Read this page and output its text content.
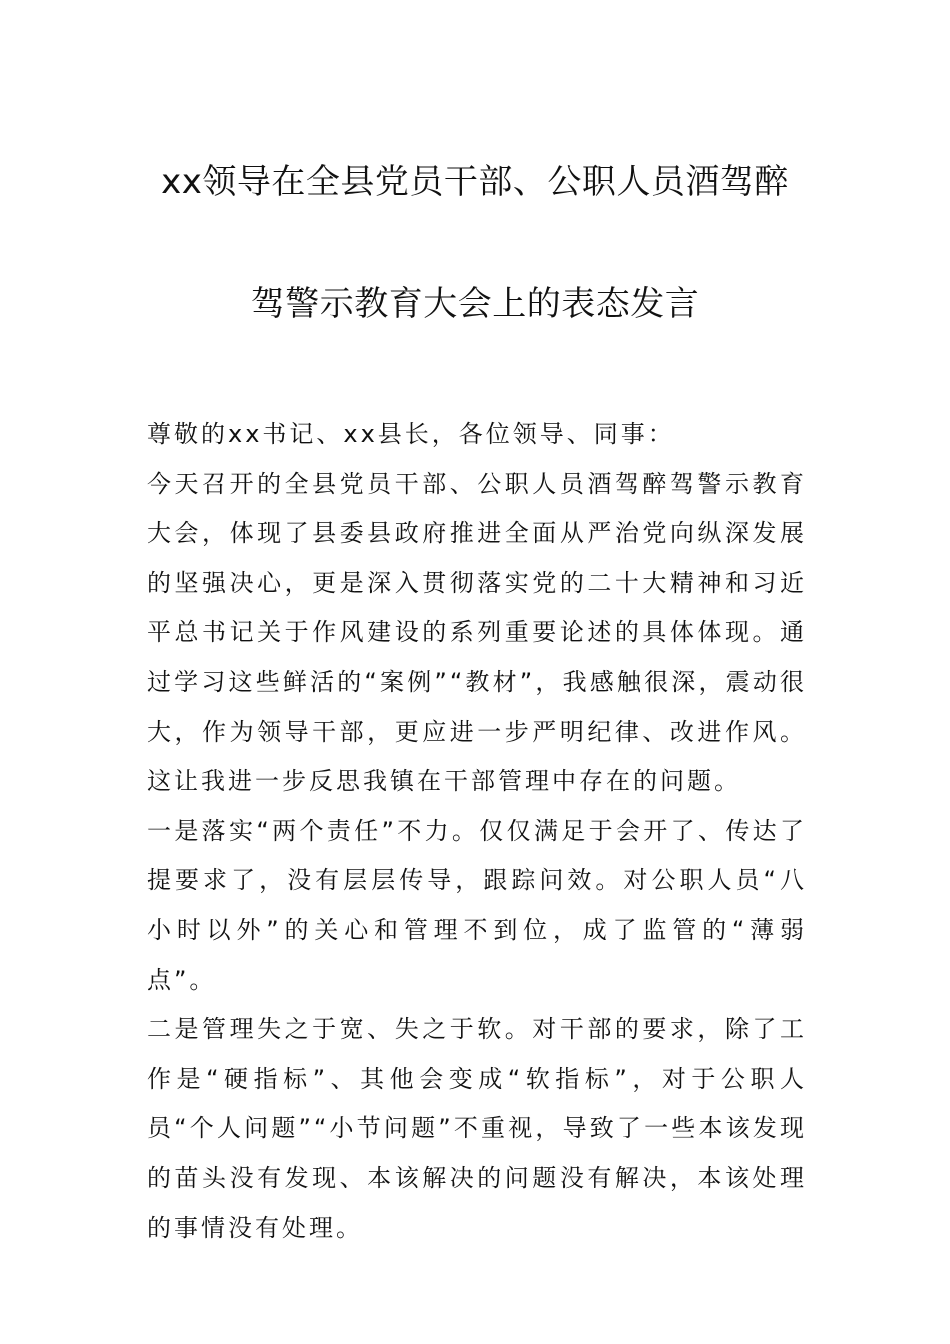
xx领导在全县党员干部、公职人员酒驾醉
驾警示教育大会上的表态发言

尊敬的xx书记、xx县长，各位领导、同事：

今天召开的全县党员干部、公职人员酒驾醉驾警示教育大会，体现了县委县政府推进全面从严治党向纵深发展的坚强决心，更是深入贯彻落实党的二十大精神和习近平总书记关于作风建设的系列重要论述的具体体现。通过学习这些鲜活的“案例”“教材”，我感触很深，震动很大，作为领导干部，更应进一步严明纪律、改进作风。这让我进一步反思我镇在干部管理中存在的问题。

一是落实“两个责任”不力。仅仅满足于会开了、传达了提要求了，没有层层传导，跟踪问效。对公职人员“八小时以外”的关心和管理不到位，成了监管的“薄弱点”。

二是管理失之于宽、失之于软。对干部的要求，除了工作是“硬指标”、其他会变成“软指标”，对于公职人员“个人问题”“小节问题”不重视，导致了一些本该发现的苗头没有发现、本该解决的问题没有解决，本该处理的事情没有处理。
